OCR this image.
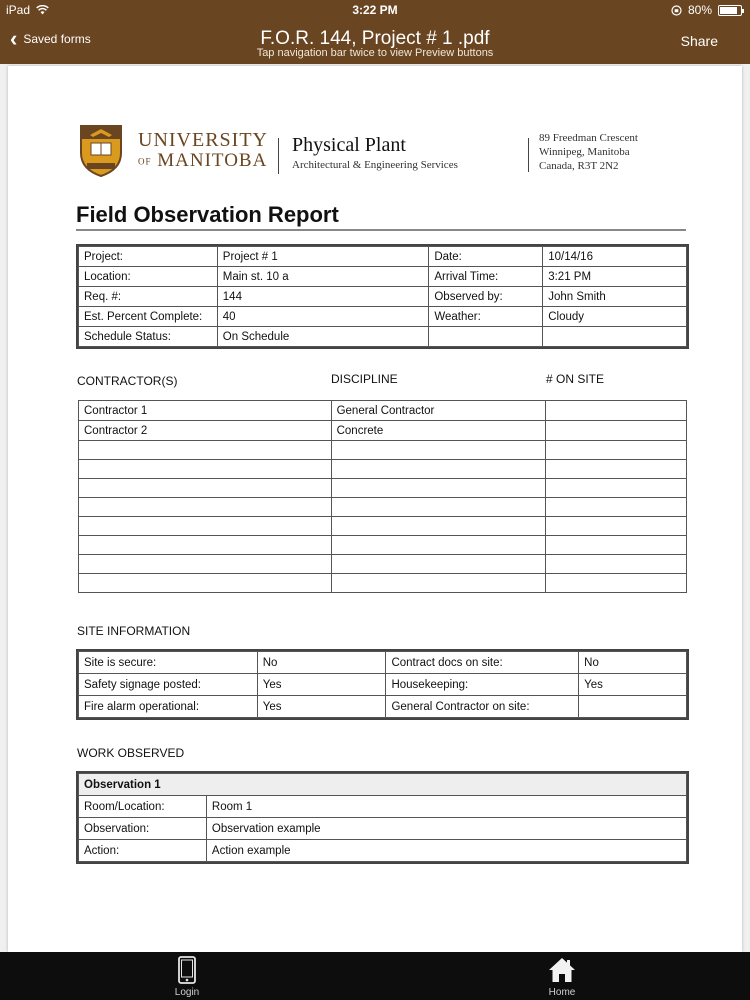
iPad	3:22 PM	80%
‹ Saved forms	F.O.R. 144, Project # 1 .pdf
Tap navigation bar twice to view Preview buttons
Share
UNIVERSITY
OF MANITOBA
Physical Plant
Architectural & Engineering Services
89 Freedman Crescent
Winnipeg, Manitoba
Canada, R3T 2N2
Field Observation Report
Project:	Project # 1	Date:	10/14/16
Location:	Main st. 10 a	Arrival Time:	3:21 PM
Req. #:	144	Observed by:	John Smith
Est. Percent Complete:	40	Weather:	Cloudy
Schedule Status:	On Schedule		
CONTRACTOR(S)	DISCIPLINE	# ON SITE
Contractor 1	General Contractor	
Contractor 2	Concrete	

SITE INFORMATION
Site is secure:	No	Contract docs on site:	No
Safety signage posted:	Yes	Housekeeping:	Yes
Fire alarm operational:	Yes	General Contractor on site:	
WORK OBSERVED
Observation 1	
Room/Location:	Room 1
Observation:	Observation example
Action:	Action example
Login	Home
